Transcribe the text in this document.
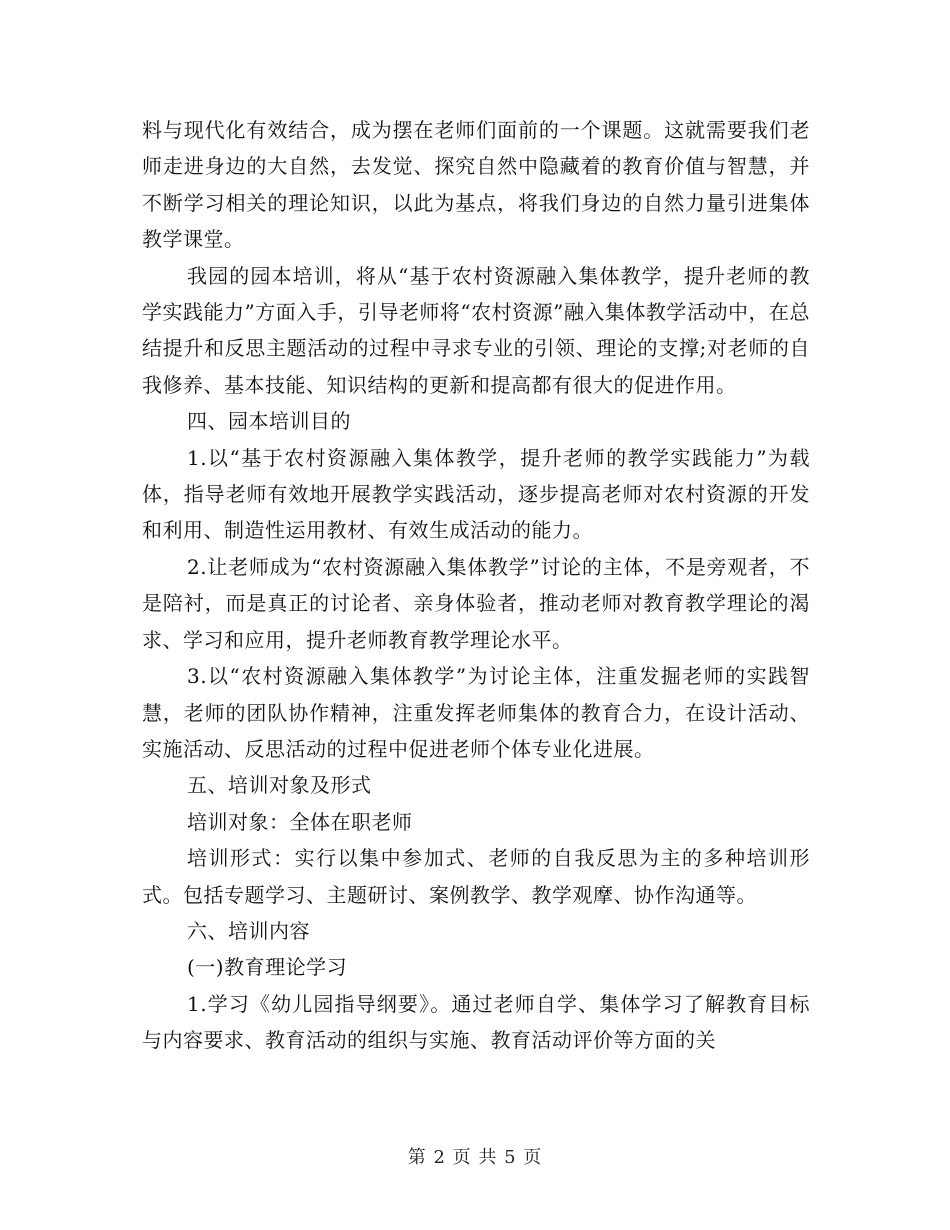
料与现代化有效结合，成为摆在老师们面前的一个课题。这就需要我们老师走进身边的大自然，去发觉、探究自然中隐藏着的教育价值与智慧，并不断学习相关的理论知识，以此为基点，将我们身边的自然力量引进集体教学课堂。

我园的园本培训，将从“基于农村资源融入集体教学，提升老师的教学实践能力”方面入手，引导老师将“农村资源”融入集体教学活动中，在总结提升和反思主题活动的过程中寻求专业的引领、理论的支撑;对老师的自我修养、基本技能、知识结构的更新和提高都有很大的促进作用。

四、园本培训目的

1.以“基于农村资源融入集体教学，提升老师的教学实践能力”为载体，指导老师有效地开展教学实践活动，逐步提高老师对农村资源的开发和利用、制造性运用教材、有效生成活动的能力。

2.让老师成为“农村资源融入集体教学”讨论的主体，不是旁观者，不是陪衬，而是真正的讨论者、亲身体验者，推动老师对教育教学理论的渴求、学习和应用，提升老师教育教学理论水平。

3.以“农村资源融入集体教学”为讨论主体，注重发掘老师的实践智慧，老师的团队协作精神，注重发挥老师集体的教育合力，在设计活动、实施活动、反思活动的过程中促进老师个体专业化进展。

五、培训对象及形式

培训对象：全体在职老师

培训形式：实行以集中参加式、老师的自我反思为主的多种培训形式。包括专题学习、主题研讨、案例教学、教学观摩、协作沟通等。

六、培训内容

(一)教育理论学习

1.学习《幼儿园指导纲要》。通过老师自学、集体学习了解教育目标与内容要求、教育活动的组织与实施、教育活动评价等方面的关

第 2 页 共 5 页
